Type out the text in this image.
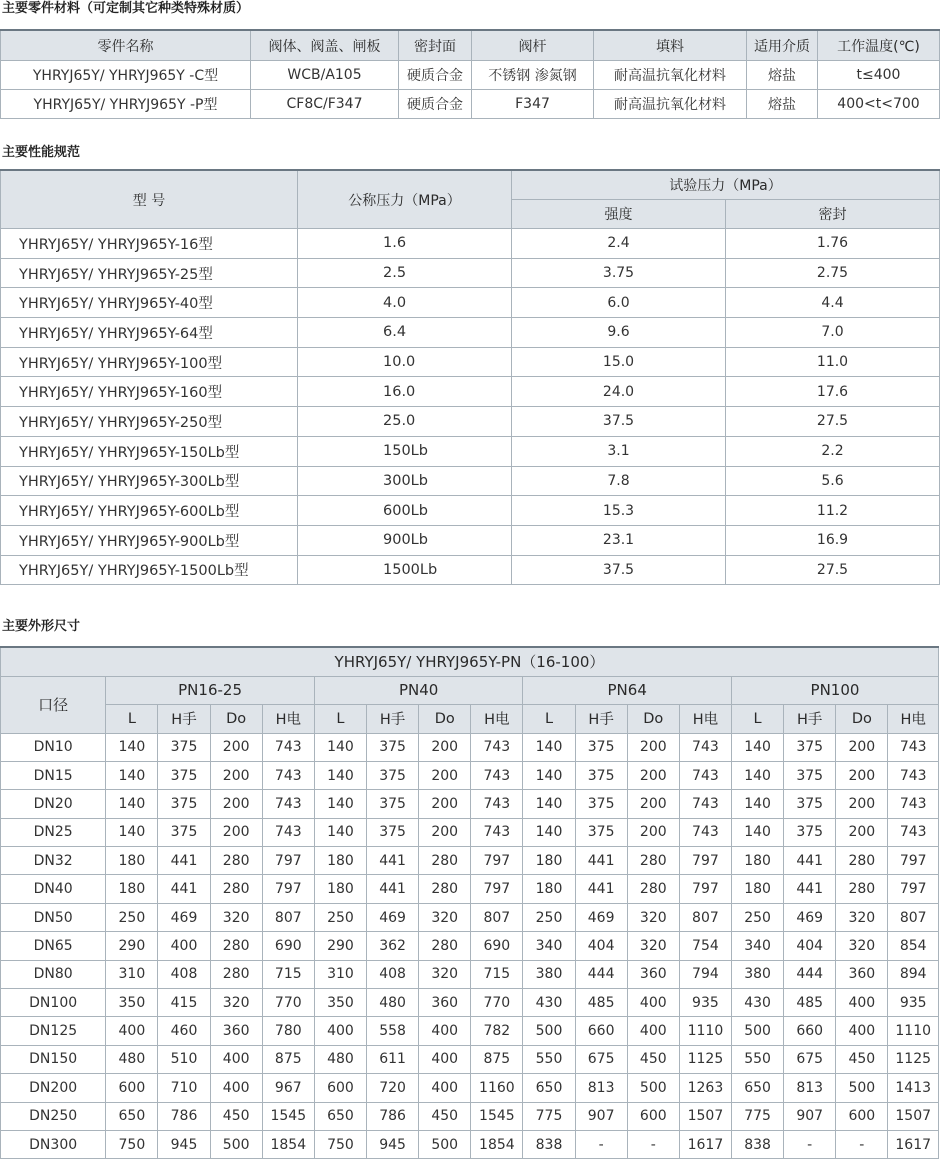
主要零件材料（可定制其它种类特殊材质）
零件名称	阀体、阀盖、闸板	密封面	阀杆	填料	适用介质	工作温度(℃)
YHRYJ65Y/ YHRYJ965Y -C型	WCB/A105	硬质合金	不锈钢 渗氮钢	耐高温抗氧化材料	熔盐	t≤400
YHRYJ65Y/ YHRYJ965Y -P型	CF8C/F347	硬质合金	F347	耐高温抗氧化材料	熔盐	400<t<700
主要性能规范
型 号	公称压力（MPa）	试验压力（MPa）	
		强度	密封
YHRYJ65Y/ YHRYJ965Y-16型	1.6	2.4	1.76
YHRYJ65Y/ YHRYJ965Y-25型	2.5	3.75	2.75
YHRYJ65Y/ YHRYJ965Y-40型	4.0	6.0	4.4
YHRYJ65Y/ YHRYJ965Y-64型	6.4	9.6	7.0
YHRYJ65Y/ YHRYJ965Y-100型	10.0	15.0	11.0
YHRYJ65Y/ YHRYJ965Y-160型	16.0	24.0	17.6
YHRYJ65Y/ YHRYJ965Y-250型	25.0	37.5	27.5
YHRYJ65Y/ YHRYJ965Y-150Lb型	150Lb	3.1	2.2
YHRYJ65Y/ YHRYJ965Y-300Lb型	300Lb	7.8	5.6
YHRYJ65Y/ YHRYJ965Y-600Lb型	600Lb	15.3	11.2
YHRYJ65Y/ YHRYJ965Y-900Lb型	900Lb	23.1	16.9
YHRYJ65Y/ YHRYJ965Y-1500Lb型	1500Lb	37.5	27.5
主要外形尺寸
YHRYJ65Y/ YHRYJ965Y-PN（16-100）																
口径	PN16-25				PN40				PN64				PN100			
	L	H手	Do	H电	L	H手	Do	H电	L	H手	Do	H电	L	H手	Do	H电
DN10	140	375	200	743	140	375	200	743	140	375	200	743	140	375	200	743
DN15	140	375	200	743	140	375	200	743	140	375	200	743	140	375	200	743
DN20	140	375	200	743	140	375	200	743	140	375	200	743	140	375	200	743
DN25	140	375	200	743	140	375	200	743	140	375	200	743	140	375	200	743
DN32	180	441	280	797	180	441	280	797	180	441	280	797	180	441	280	797
DN40	180	441	280	797	180	441	280	797	180	441	280	797	180	441	280	797
DN50	250	469	320	807	250	469	320	807	250	469	320	807	250	469	320	807
DN65	290	400	280	690	290	362	280	690	340	404	320	754	340	404	320	854
DN80	310	408	280	715	310	408	320	715	380	444	360	794	380	444	360	894
DN100	350	415	320	770	350	480	360	770	430	485	400	935	430	485	400	935
DN125	400	460	360	780	400	558	400	782	500	660	400	1110	500	660	400	1110
DN150	480	510	400	875	480	611	400	875	550	675	450	1125	550	675	450	1125
DN200	600	710	400	967	600	720	400	1160	650	813	500	1263	650	813	500	1413
DN250	650	786	450	1545	650	786	450	1545	775	907	600	1507	775	907	600	1507
DN300	750	945	500	1854	750	945	500	1854	838	-	-	1617	838	-	-	1617
